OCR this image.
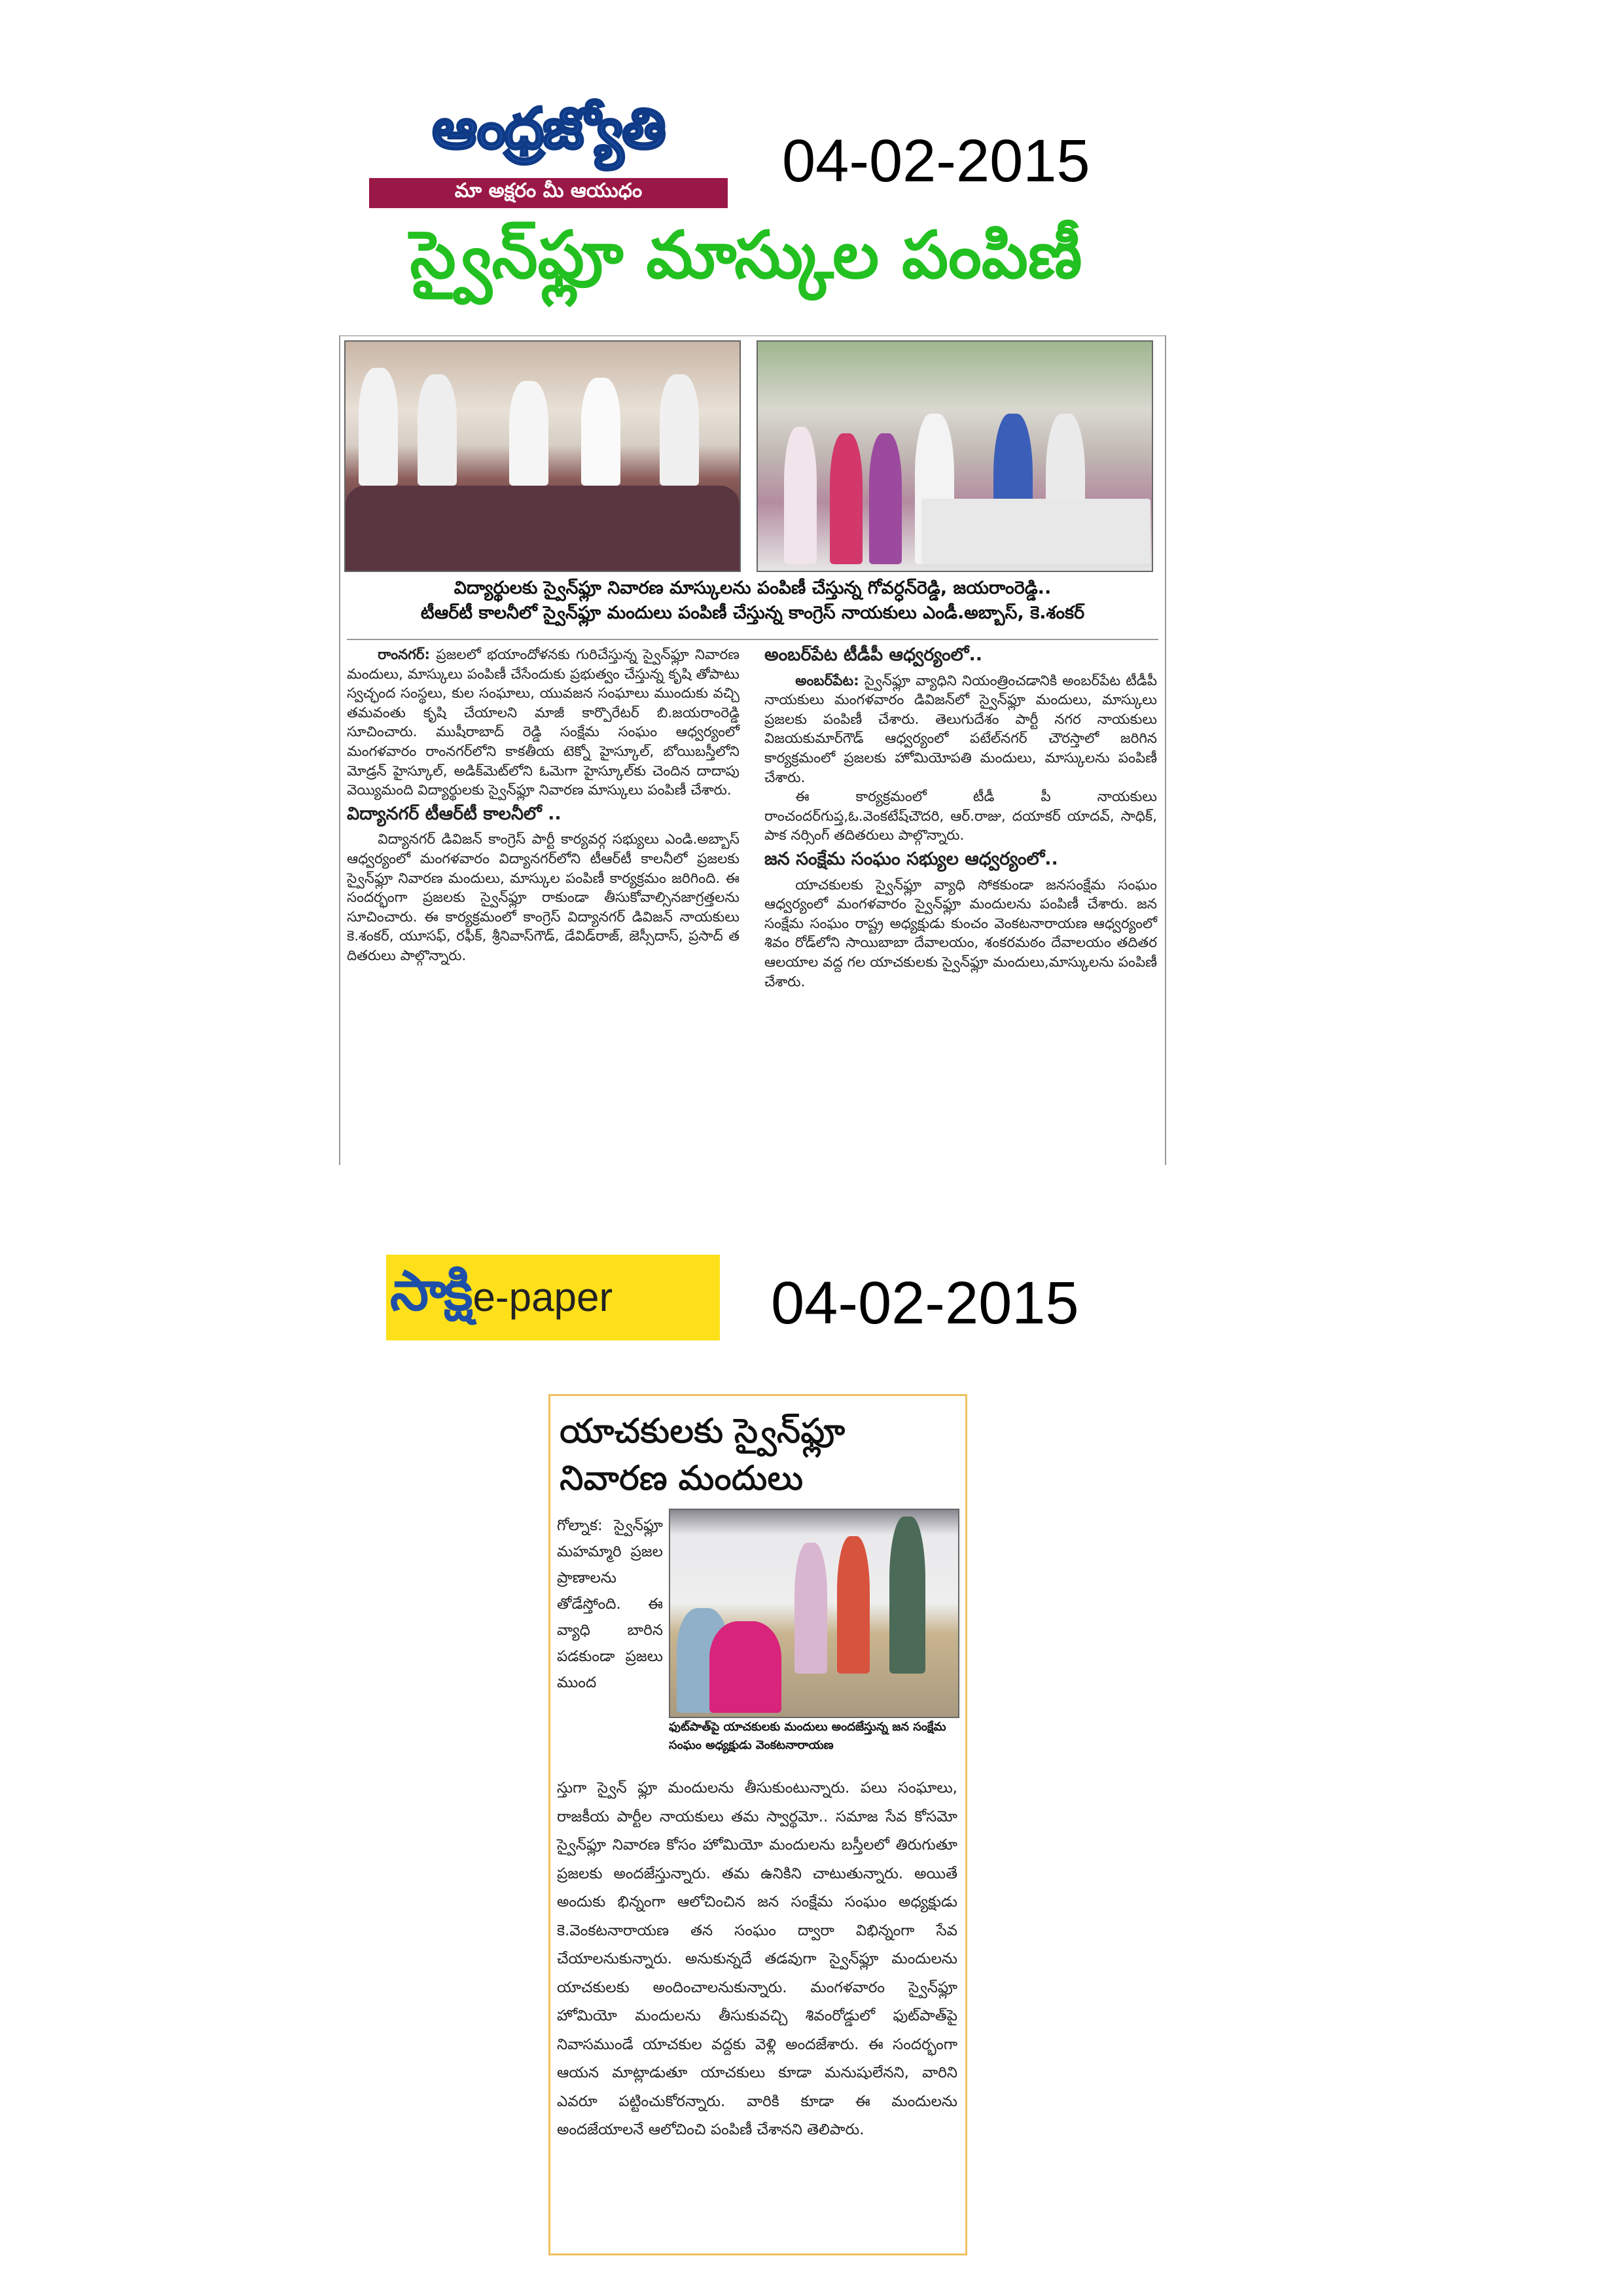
ఆంధ్రజ్యోతి
మా అక్షరం మీ ఆయుధం	04-02-2015
స్వైన్‌ఫ్లూ మాస్కుల పంపిణీ
విద్యార్థులకు స్వైన్‌ఫ్లూ నివారణ మాస్కులను పంపిణీ చేస్తున్న గోవర్ధన్‌రెడ్డి, జయరాంరెడ్డి..
టీఆర్‌టీ కాలనీలో స్వైన్‌ఫ్లూ మందులు పంపిణీ చేస్తున్న కాంగ్రెస్ నాయకులు ఎండీ.అబ్బాస్, కె.శంకర్

రాంనగర్: ప్రజలలో భయాందోళనకు గురిచేస్తున్న స్వైన్‌ఫ్లూ నివారణ మందులు, మాస్కులు పంపిణీ చేసేందుకు ప్రభుత్వం చేస్తున్న కృషి తోపాటు స్వచ్ఛంద సంస్థలు, కుల సంఘాలు, యువజన సంఘాలు ముందుకు వచ్చి తమవంతు కృషి చేయాలని మాజీ కార్పొరేటర్ బి.జయరాంరెడ్డి సూచించారు. ముషీరాబాద్ రెడ్డి సంక్షేమ సంఘం ఆధ్వర్యంలో మంగళవారం రాంనగర్‌లోని కాకతీయ టెక్నో హైస్కూల్, బోయిబస్తీలోని మోడ్రన్ హైస్కూల్, అడిక్‌మెట్‌లోని ఓమెగా హైస్కూల్‌కు చెందిన దాదాపు వెయ్యిమంది విద్యార్థులకు స్వైన్‌ఫ్లూ నివారణ మాస్కులు పంపిణీ చేశారు.

విద్యానగర్ టీఆర్‌టీ కాలనీలో ..

విద్యానగర్ డివిజన్ కాంగ్రెస్ పార్టీ కార్యవర్గ సభ్యులు ఎండి.అబ్బాస్ ఆధ్వర్యంలో మంగళవారం విద్యానగర్‌లోని టీఆర్‌టీ కాలనీలో ప్రజలకు స్వైన్‌ఫ్లూ నివారణ మందులు, మాస్కుల పంపిణీ కార్యక్రమం జరిగింది. ఈ సందర్భంగా ప్రజలకు స్వైన్‌ఫ్లూ రాకుండా తీసుకోవాల్సినజాగ్రత్తలను సూచించారు. ఈ కార్యక్రమంలో కాంగ్రెస్ విద్యానగర్ డివిజన్ నాయకులు కె.శంకర్, యూసఫ్, రఫీక్, శ్రీనివాస్‌గౌడ్, డేవిడ్‌రాజ్, జెస్సీదాస్, ప్రసాద్ త దితరులు పాల్గొన్నారు.

అంబర్‌పేట టీడీపీ ఆధ్వర్యంలో..

అంబర్‌పేట: స్వైన్‌ఫ్లూ వ్యాధిని నియంత్రించడానికి అంబర్‌పేట టీడీపీ నాయకులు మంగళవారం డివిజన్‌లో స్వైన్‌ఫ్లూ మందులు, మాస్కులు ప్రజలకు పంపిణీ చేశారు. తెలుగుదేశం పార్టీ నగర నాయకులు విజయకుమార్‌గౌడ్ ఆధ్వర్యంలో పటేల్‌నగర్ చౌరస్తాలో జరిగిన కార్యక్రమంలో ప్రజలకు హోమియోపతి మందులు, మాస్కులను పంపిణీ చేశారు.

ఈ కార్యక్రమంలో టీడీ పీ నాయకులు రాంచందర్‌గుప్త,ఓ.వెంకటేష్‌చౌదరి, ఆర్.రాజు, దయాకర్ యాదవ్, సాధిక్, పాక నర్సింగ్ తదితరులు పాల్గొన్నారు.

జన సంక్షేమ సంఘం సభ్యుల ఆధ్వర్యంలో..

యాచకులకు స్వైన్‌ఫ్లూ వ్యాధి సోకకుండా జనసంక్షేమ సంఘం ఆధ్వర్యంలో మంగళవారం స్వైన్‌ఫ్లూ మందులను పంపిణీ చేశారు. జన సంక్షేమ సంఘం రాష్ట్ర అధ్యక్షుడు కుంచం వెంకటనారాయణ ఆధ్వర్యంలో శివం రోడ్‌లోని సాయిబాబా దేవాలయం, శంకరమఠం దేవాలయం తదితర ఆలయాల వద్ద గల యాచకులకు స్వైన్‌ఫ్లూ మందులు,మాస్కులను పంపిణీ చేశారు.

సాక్షి e-paper	04-02-2015
యాచకులకు స్వైన్‌ఫ్లూ నివారణ మందులు
ఫుట్‌పాత్‌పై యాచకులకు మందులు అందజేస్తున్న జన సంక్షేమ సంఘం అధ్యక్షుడు వెంకటనారాయణ
గోల్నాక: స్వైన్‌ఫ్లూ మహమ్మారి ప్రజల ప్రాణాలను తోడేస్తోంది. ఈ వ్యాధి బారిన పడకుండా ప్రజలు ముంద
స్తుగా స్వైన్ ఫ్లూ మందులను తీసుకుంటున్నారు. పలు సంఘాలు, రాజకీయ పార్టీల నాయకులు తమ స్వార్థమో.. సమాజ సేవ కోసమో స్వైన్‌ఫ్లూ నివారణ కోసం హోమియో మందులను బస్తీలలో తిరుగుతూ ప్రజలకు అందజేస్తున్నారు. తమ ఉనికిని చాటుతున్నారు. అయితే అందుకు భిన్నంగా ఆలోచించిన జన సంక్షేమ సంఘం అధ్యక్షుడు కె.వెంకటనారాయణ తన సంఘం ద్వారా విభిన్నంగా సేవ చేయాలనుకున్నారు. అనుకున్నదే తడవుగా స్వైన్‌ఫ్లూ మందులను యాచకులకు అందించాలనుకున్నారు. మంగళవారం స్వైన్‌ఫ్లూ హోమియో మందులను తీసుకువచ్చి శివంరోడ్డులో ఫుట్‌పాత్‌పై నివాసముండే యాచకుల వద్దకు వెళ్లి అందజేశారు. ఈ సందర్భంగా ఆయన మాట్లాడుతూ యాచకులు కూడా మనుషులేనని, వారిని ఎవరూ పట్టించుకోరన్నారు. వారికి కూడా ఈ మందులను అందజేయాలనే ఆలోచించి పంపిణీ చేశానని తెలిపారు.
